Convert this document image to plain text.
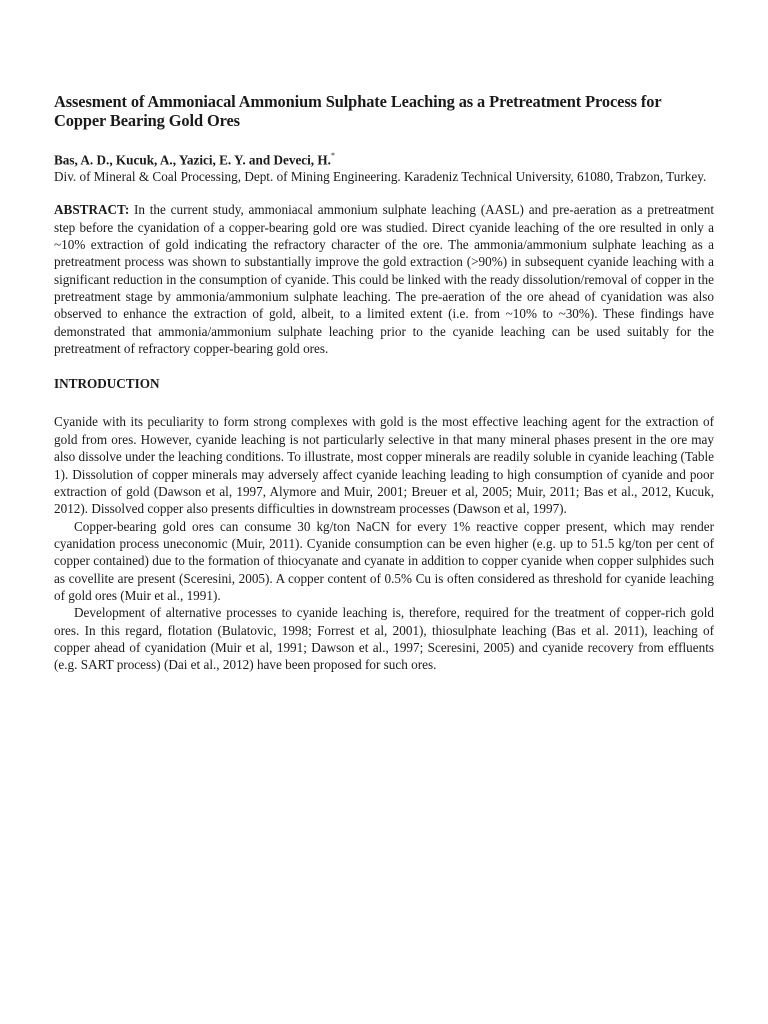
Assesment of Ammoniacal Ammonium Sulphate Leaching as a Pretreatment Process for Copper Bearing Gold Ores

Bas, A. D., Kucuk, A., Yazici, E. Y. and Deveci, H.*

Div. of Mineral & Coal Processing, Dept. of Mining Engineering. Karadeniz Technical University, 61080, Trabzon, Turkey.

ABSTRACT: In the current study, ammoniacal ammonium sulphate leaching (AASL) and pre-aeration as a pretreatment step before the cyanidation of a copper-bearing gold ore was studied. Direct cyanide leaching of the ore resulted in only a ~10% extraction of gold indicating the refractory character of the ore. The ammonia/ammonium sulphate leaching as a pretreatment process was shown to substantially improve the gold extraction (>90%) in subsequent cyanide leaching with a significant reduction in the consumption of cyanide. This could be linked with the ready dissolution/removal of copper in the pretreatment stage by ammonia/ammonium sulphate leaching. The pre-aeration of the ore ahead of cyanidation was also observed to enhance the extraction of gold, albeit, to a limited extent (i.e. from ~10% to ~30%). These findings have demonstrated that ammonia/ammonium sulphate leaching prior to the cyanide leaching can be used suitably for the pretreatment of refractory copper-bearing gold ores.

INTRODUCTION

Cyanide with its peculiarity to form strong complexes with gold is the most effective leaching agent for the extraction of gold from ores. However, cyanide leaching is not particularly selective in that many mineral phases present in the ore may also dissolve under the leaching conditions. To illustrate, most copper minerals are readily soluble in cyanide leaching (Table 1). Dissolution of copper minerals may adversely affect cyanide leaching leading to high consumption of cyanide and poor extraction of gold (Dawson et al, 1997, Alymore and Muir, 2001; Breuer et al, 2005; Muir, 2011; Bas et al., 2012, Kucuk, 2012). Dissolved copper also presents difficulties in downstream processes (Dawson et al, 1997).

Copper-bearing gold ores can consume 30 kg/ton NaCN for every 1% reactive copper present, which may render cyanidation process uneconomic (Muir, 2011). Cyanide consumption can be even higher (e.g. up to 51.5 kg/ton per cent of copper contained) due to the formation of thiocyanate and cyanate in addition to copper cyanide when copper sulphides such as covellite are present (Sceresini, 2005). A copper content of 0.5% Cu is often considered as threshold for cyanide leaching of gold ores (Muir et al., 1991).

Development of alternative processes to cyanide leaching is, therefore, required for the treatment of copper-rich gold ores. In this regard, flotation (Bulatovic, 1998; Forrest et al, 2001), thiosulphate leaching (Bas et al. 2011), leaching of copper ahead of cyanidation (Muir et al, 1991; Dawson et al., 1997; Sceresini, 2005) and cyanide recovery from effluents (e.g. SART process) (Dai et al., 2012) have been proposed for such ores.
